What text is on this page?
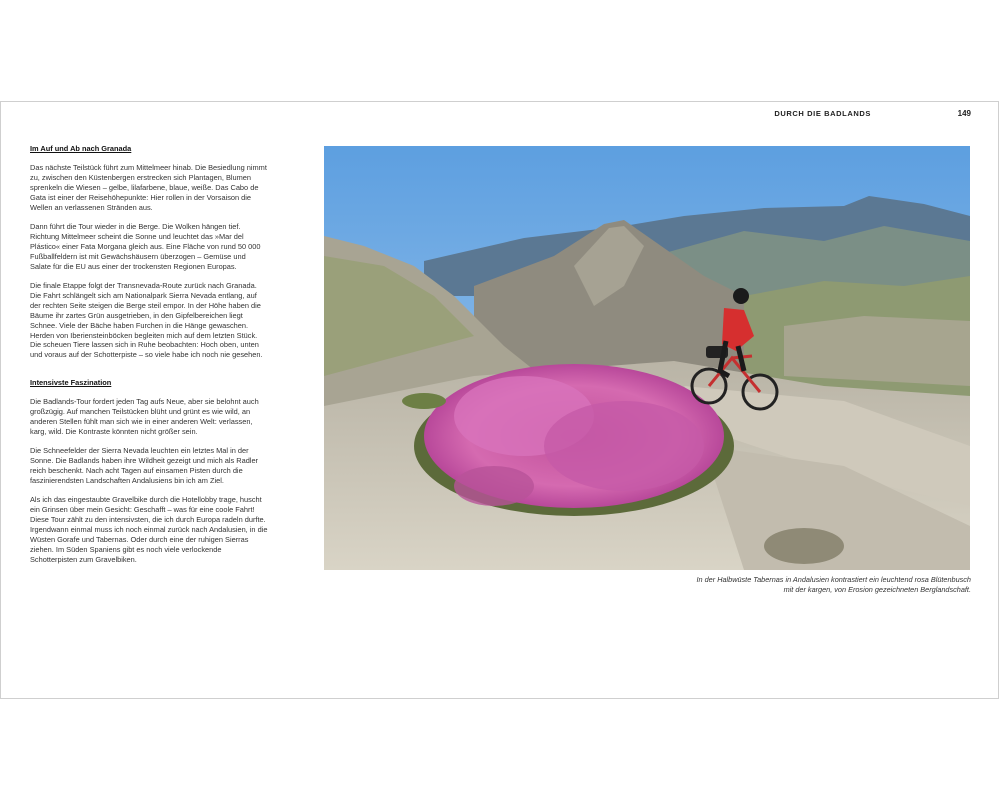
DURCH DIE BADLANDS	149
Im Auf und Ab nach Granada

Das nächste Teilstück führt zum Mittelmeer hinab. Die Besiedlung nimmt zu, zwischen den Küstenbergen erstrecken sich Plantagen, Blumen sprenkeln die Wiesen – gelbe, lilafarbene, blaue, weiße. Das Cabo de Gata ist einer der Reisehöhepunkte: Hier rollen in der Vorsaison die Wellen an verlassenen Stränden aus.

Dann führt die Tour wieder in die Berge. Die Wolken hängen tief. Richtung Mittelmeer scheint die Sonne und leuchtet das »Mar del Plástico« einer Fata Morgana gleich aus. Eine Fläche von rund 50 000 Fußballfeldern ist mit Gewächshäusern überzogen – Gemüse und Salate für die EU aus einer der trockensten Regionen Europas.

Die finale Etappe folgt der Transnevada-Route zurück nach Granada. Die Fahrt schlängelt sich am Nationalpark Sierra Nevada entlang, auf der rechten Seite steigen die Berge steil empor. In der Höhe haben die Bäume ihr zartes Grün ausgetrieben, in den Gipfelbereichen liegt Schnee. Viele der Bäche haben Furchen in die Hänge gewaschen. Herden von Iberiensteinböcken begleiten mich auf dem letzten Stück. Die scheuen Tiere lassen sich in Ruhe beobachten: Hoch oben, unten und voraus auf der Schotterpiste – so viele habe ich noch nie gesehen.

Intensivste Faszination

Die Badlands-Tour fordert jeden Tag aufs Neue, aber sie belohnt auch großzügig. Auf manchen Teilstücken blüht und grünt es wie wild, an anderen Stellen fühlt man sich wie in einer anderen Welt: verlassen, karg, wild. Die Kontraste könnten nicht größer sein.

Die Schneefelder der Sierra Nevada leuchten ein letztes Mal in der Sonne. Die Badlands haben ihre Wildheit gezeigt und mich als Radler reich beschenkt. Nach acht Tagen auf einsamen Pisten durch die faszinierendsten Landschaften Andalusiens bin ich am Ziel.

Als ich das eingestaubte Gravelbike durch die Hotellobby trage, huscht ein Grinsen über mein Gesicht: Geschafft – was für eine coole Fahrt! Diese Tour zählt zu den intensivsten, die ich durch Europa radeln durfte. Irgendwann einmal muss ich noch einmal zurück nach Andalusien, in die Wüsten Gorafe und Tabernas. Oder durch eine der ruhigen Sierras ziehen. Im Süden Spaniens gibt es noch viele verlockende Schotterpisten zum Gravelbiken.

In der Halbwüste Tabernas in Andalusien kontrastiert ein leuchtend rosa Blütenbusch mit der kargen, von Erosion gezeichneten Berglandschaft.
